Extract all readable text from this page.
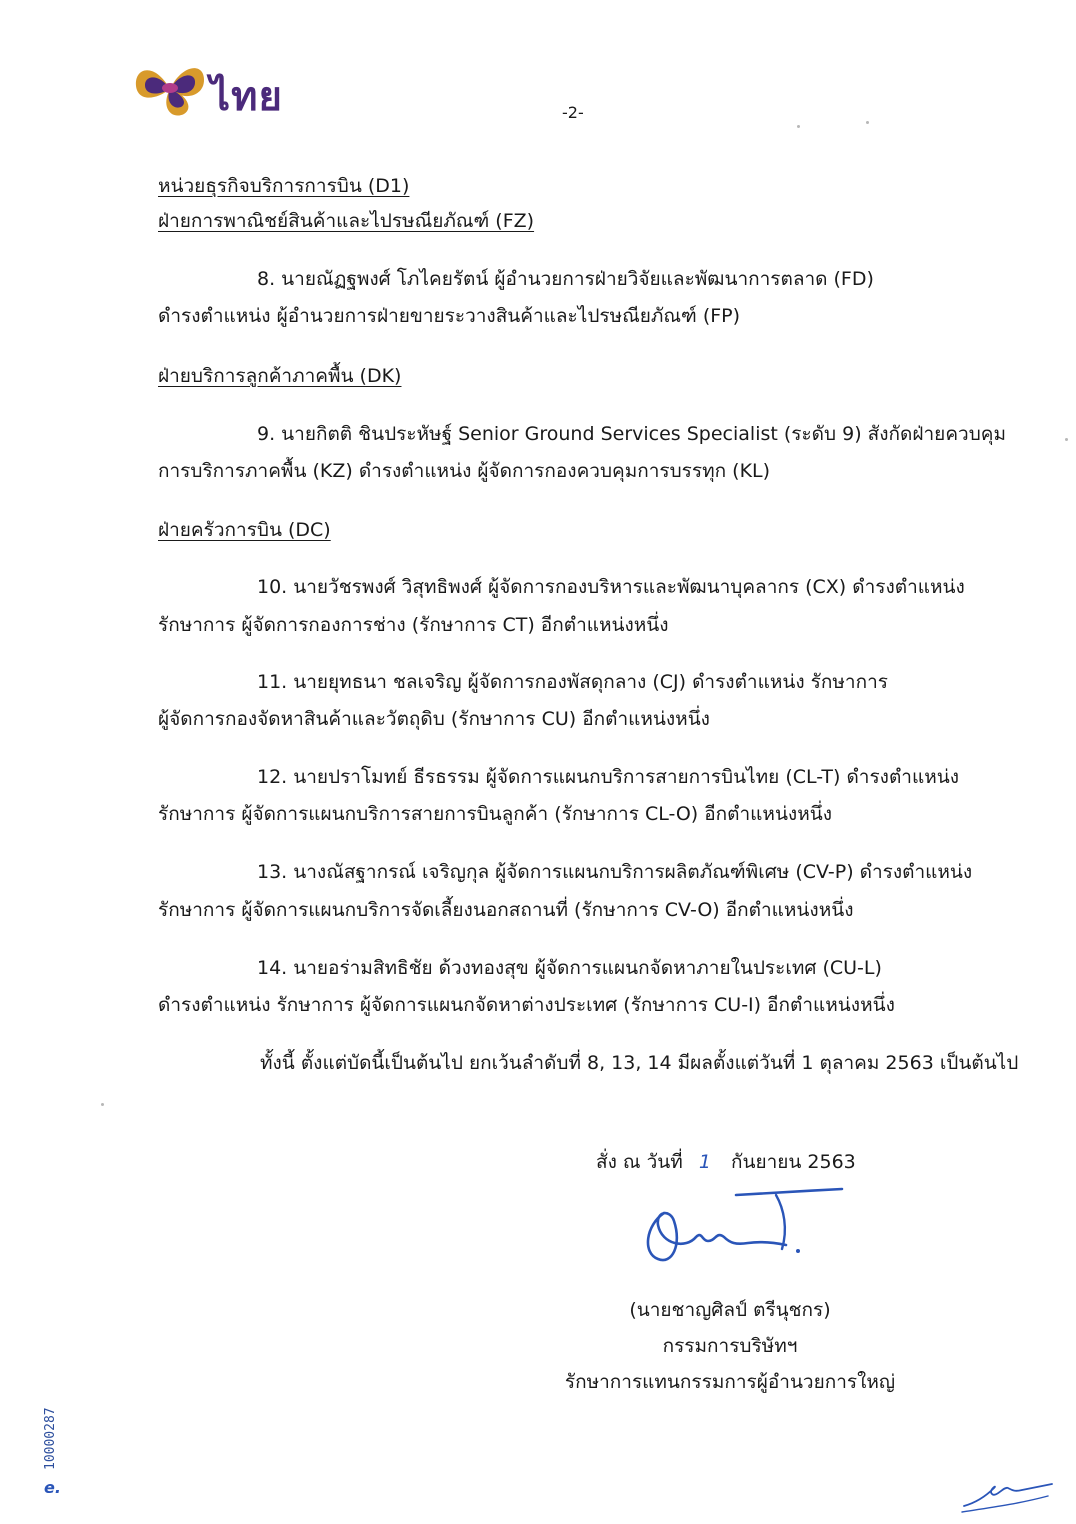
ไทย	-2-
หน่วยธุรกิจบริการการบิน (D1)
ฝ่ายการพาณิชย์สินค้าและไปรษณียภัณฑ์ (FZ)
8. นายณัฏฐพงศ์ โภไคยรัตน์ ผู้อำนวยการฝ่ายวิจัยและพัฒนาการตลาด (FD)
ดำรงตำแหน่ง ผู้อำนวยการฝ่ายขายระวางสินค้าและไปรษณียภัณฑ์ (FP)
ฝ่ายบริการลูกค้าภาคพื้น (DK)
9. นายกิตติ ชินประหัษฐ์ Senior Ground Services Specialist (ระดับ 9) สังกัดฝ่ายควบคุม
การบริการภาคพื้น (KZ) ดำรงตำแหน่ง ผู้จัดการกองควบคุมการบรรทุก (KL)
ฝ่ายครัวการบิน (DC)
10. นายวัชรพงศ์ วิสุทธิพงศ์ ผู้จัดการกองบริหารและพัฒนาบุคลากร (CX) ดำรงตำแหน่ง
รักษาการ ผู้จัดการกองการช่าง (รักษาการ CT) อีกตำแหน่งหนึ่ง
11. นายยุทธนา ชลเจริญ ผู้จัดการกองพัสดุกลาง (CJ) ดำรงตำแหน่ง รักษาการ
ผู้จัดการกองจัดหาสินค้าและวัตถุดิบ (รักษาการ CU) อีกตำแหน่งหนึ่ง
12. นายปราโมทย์ ธีรธรรม ผู้จัดการแผนกบริการสายการบินไทย (CL-T) ดำรงตำแหน่ง
รักษาการ ผู้จัดการแผนกบริการสายการบินลูกค้า (รักษาการ CL-O) อีกตำแหน่งหนึ่ง
13. นางณัสฐากรณ์ เจริญกุล ผู้จัดการแผนกบริการผลิตภัณฑ์พิเศษ (CV-P) ดำรงตำแหน่ง
รักษาการ ผู้จัดการแผนกบริการจัดเลี้ยงนอกสถานที่ (รักษาการ CV-O) อีกตำแหน่งหนึ่ง
14. นายอร่ามสิทธิชัย ด้วงทองสุข ผู้จัดการแผนกจัดหาภายในประเทศ (CU-L)
ดำรงตำแหน่ง รักษาการ ผู้จัดการแผนกจัดหาต่างประเทศ (รักษาการ CU-I) อีกตำแหน่งหนึ่ง
ทั้งนี้ ตั้งแต่บัดนี้เป็นต้นไป ยกเว้นลำดับที่ 8, 13, 14 มีผลตั้งแต่วันที่ 1 ตุลาคม 2563 เป็นต้นไป
สั่ง ณ วันที่ 1 กันยายน 2563
(นายชาญศิลป์ ตรีนุชกร)
กรรมการบริษัทฯ
รักษาการแทนกรรมการผู้อำนวยการใหญ่
10000287
e.
